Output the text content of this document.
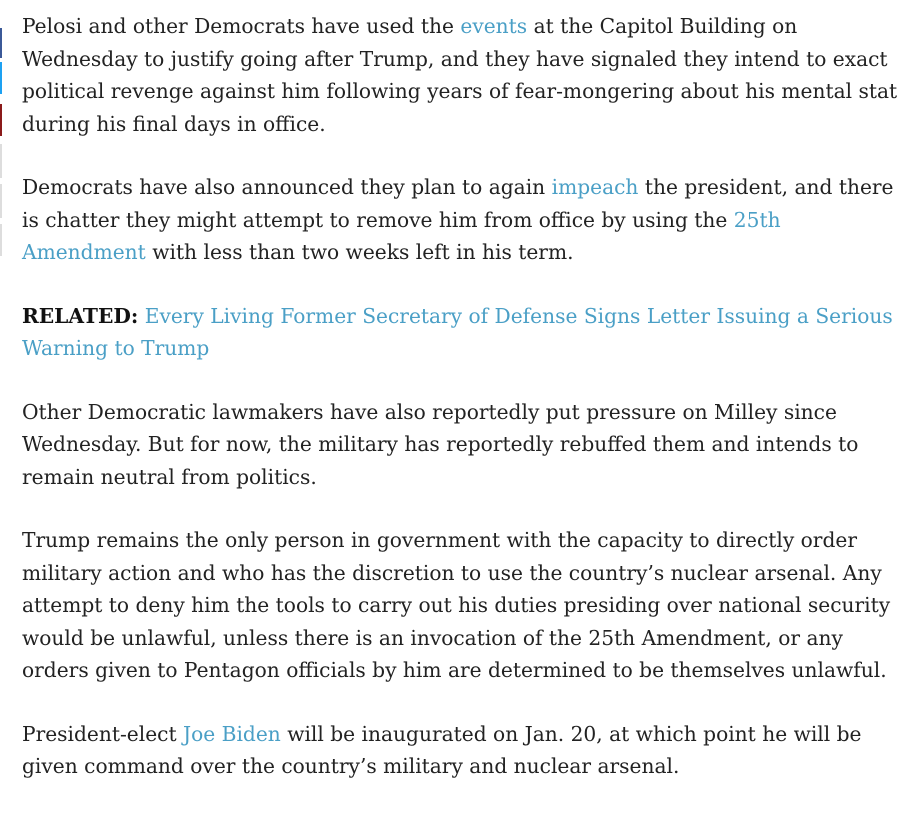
Pelosi and other Democrats have used the events at the Capitol Building on
Wednesday to justify going after Trump, and they have signaled they intend to exact
political revenge against him following years of fear-mongering about his mental stat
during his final days in office.

Democrats have also announced they plan to again impeach the president, and there
is chatter they might attempt to remove him from office by using the 25th
Amendment with less than two weeks left in his term.

RELATED: Every Living Former Secretary of Defense Signs Letter Issuing a Serious
Warning to Trump

Other Democratic lawmakers have also reportedly put pressure on Milley since
Wednesday. But for now, the military has reportedly rebuffed them and intends to
remain neutral from politics.

Trump remains the only person in government with the capacity to directly order
military action and who has the discretion to use the country’s nuclear arsenal. Any
attempt to deny him the tools to carry out his duties presiding over national security
would be unlawful, unless there is an invocation of the 25th Amendment, or any
orders given to Pentagon officials by him are determined to be themselves unlawful.

President-elect Joe Biden will be inaugurated on Jan. 20, at which point he will be
given command over the country’s military and nuclear arsenal.
